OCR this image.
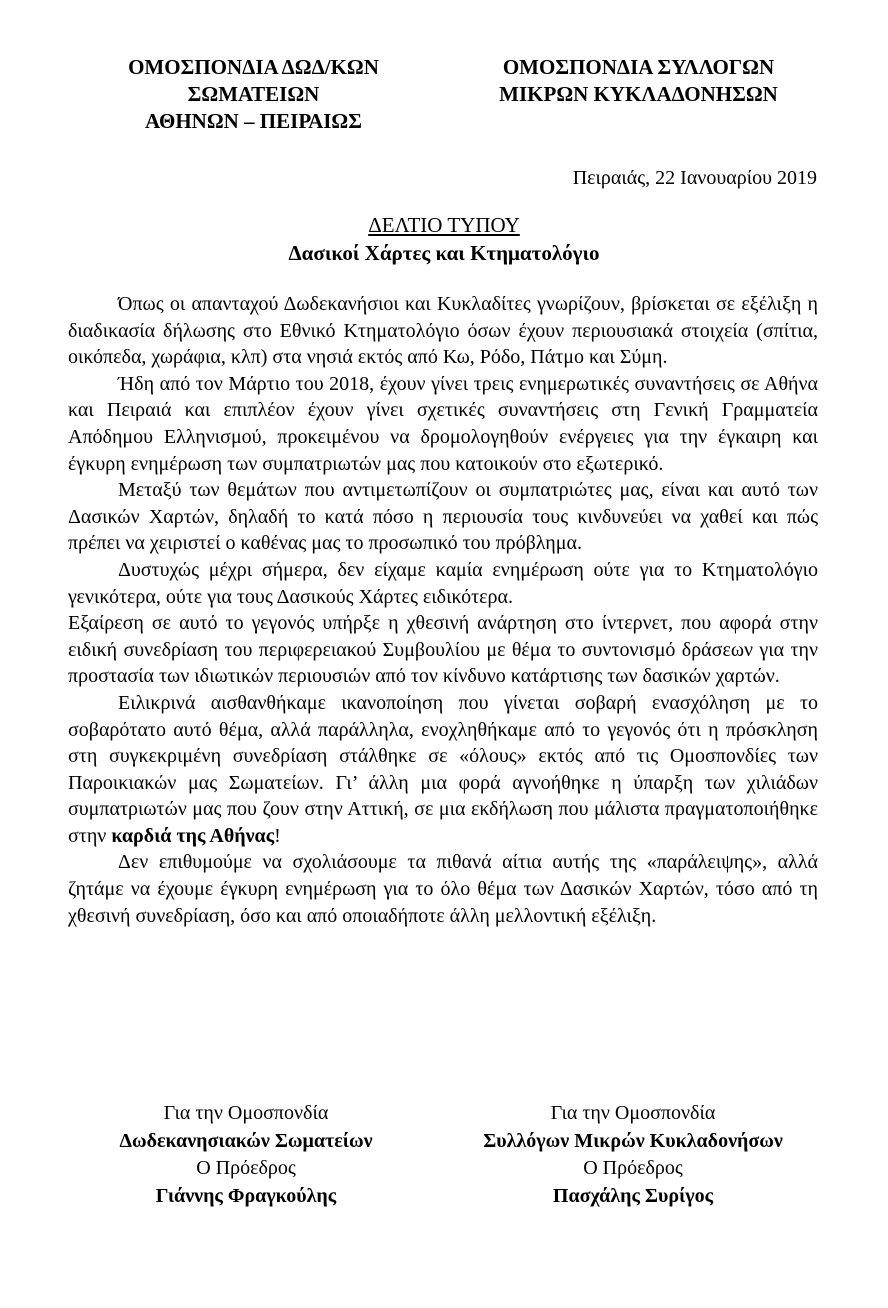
ΟΜΟΣΠΟΝΔΙΑ ΔΩΔ/ΚΩΝ
ΣΩΜΑΤΕΙΩΝ
ΑΘΗΝΩΝ – ΠΕΙΡΑΙΩΣ
ΟΜΟΣΠΟΝΔΙΑ ΣΥΛΛΟΓΩΝ
ΜΙΚΡΩΝ ΚΥΚΛΑΔΟΝΗΣΩΝ
Πειραιάς, 22 Ιανουαρίου 2019
ΔΕΛΤΙΟ ΤΥΠΟΥ
Δασικοί Χάρτες και Κτηματολόγιο

Όπως οι απανταχού Δωδεκανήσιοι και Κυκλαδίτες γνωρίζουν, βρίσκεται σε εξέλιξη η διαδικασία δήλωσης στο Εθνικό Κτηματολόγιο όσων έχουν περιουσιακά στοιχεία (σπίτια, οικόπεδα, χωράφια, κλπ) στα νησιά εκτός από Κω, Ρόδο, Πάτμο και Σύμη.

Ήδη από τον Μάρτιο του 2018, έχουν γίνει τρεις ενημερωτικές συναντήσεις σε Αθήνα και Πειραιά και επιπλέον έχουν γίνει σχετικές συναντήσεις στη Γενική Γραμματεία Απόδημου Ελληνισμού, προκειμένου να δρομολογηθούν ενέργειες για την έγκαιρη και έγκυρη ενημέρωση των συμπατριωτών μας που κατοικούν στο εξωτερικό.

Μεταξύ των θεμάτων που αντιμετωπίζουν οι συμπατριώτες μας, είναι και αυτό των Δασικών Χαρτών, δηλαδή το κατά πόσο η περιουσία τους κινδυνεύει να χαθεί και πώς πρέπει να χειριστεί ο καθένας μας το προσωπικό του πρόβλημα.

Δυστυχώς μέχρι σήμερα, δεν είχαμε καμία ενημέρωση ούτε για το Κτηματολόγιο γενικότερα, ούτε για τους Δασικούς Χάρτες ειδικότερα.

Εξαίρεση σε αυτό το γεγονός υπήρξε η χθεσινή ανάρτηση στο ίντερνετ, που αφορά στην ειδική συνεδρίαση του περιφερειακού Συμβουλίου με θέμα το συντονισμό δράσεων για την προστασία των ιδιωτικών περιουσιών από τον κίνδυνο κατάρτισης των δασικών χαρτών.

Ειλικρινά αισθανθήκαμε ικανοποίηση που γίνεται σοβαρή ενασχόληση με το σοβαρότατο αυτό θέμα, αλλά παράλληλα, ενοχληθήκαμε από το γεγονός ότι η πρόσκληση στη συγκεκριμένη συνεδρίαση στάλθηκε σε «όλους» εκτός από τις Ομοσπονδίες των Παροικιακών μας Σωματείων. Γι’ άλλη μια φορά αγνοήθηκε η ύπαρξη των χιλιάδων συμπατριωτών μας που ζουν στην Αττική, σε μια εκδήλωση που μάλιστα πραγματοποιήθηκε στην καρδιά της Αθήνας!

Δεν επιθυμούμε να σχολιάσουμε τα πιθανά αίτια αυτής της «παράλειψης», αλλά ζητάμε να έχουμε έγκυρη ενημέρωση για το όλο θέμα των Δασικών Χαρτών, τόσο από τη χθεσινή συνεδρίαση, όσο και από οποιαδήποτε άλλη μελλοντική εξέλιξη.

Για την Ομοσπονδία
Δωδεκανησιακών Σωματείων
Ο Πρόεδρος
Γιάννης Φραγκούλης
Για την Ομοσπονδία
Συλλόγων Μικρών Κυκλαδονήσων
Ο Πρόεδρος
Πασχάλης Συρίγος
